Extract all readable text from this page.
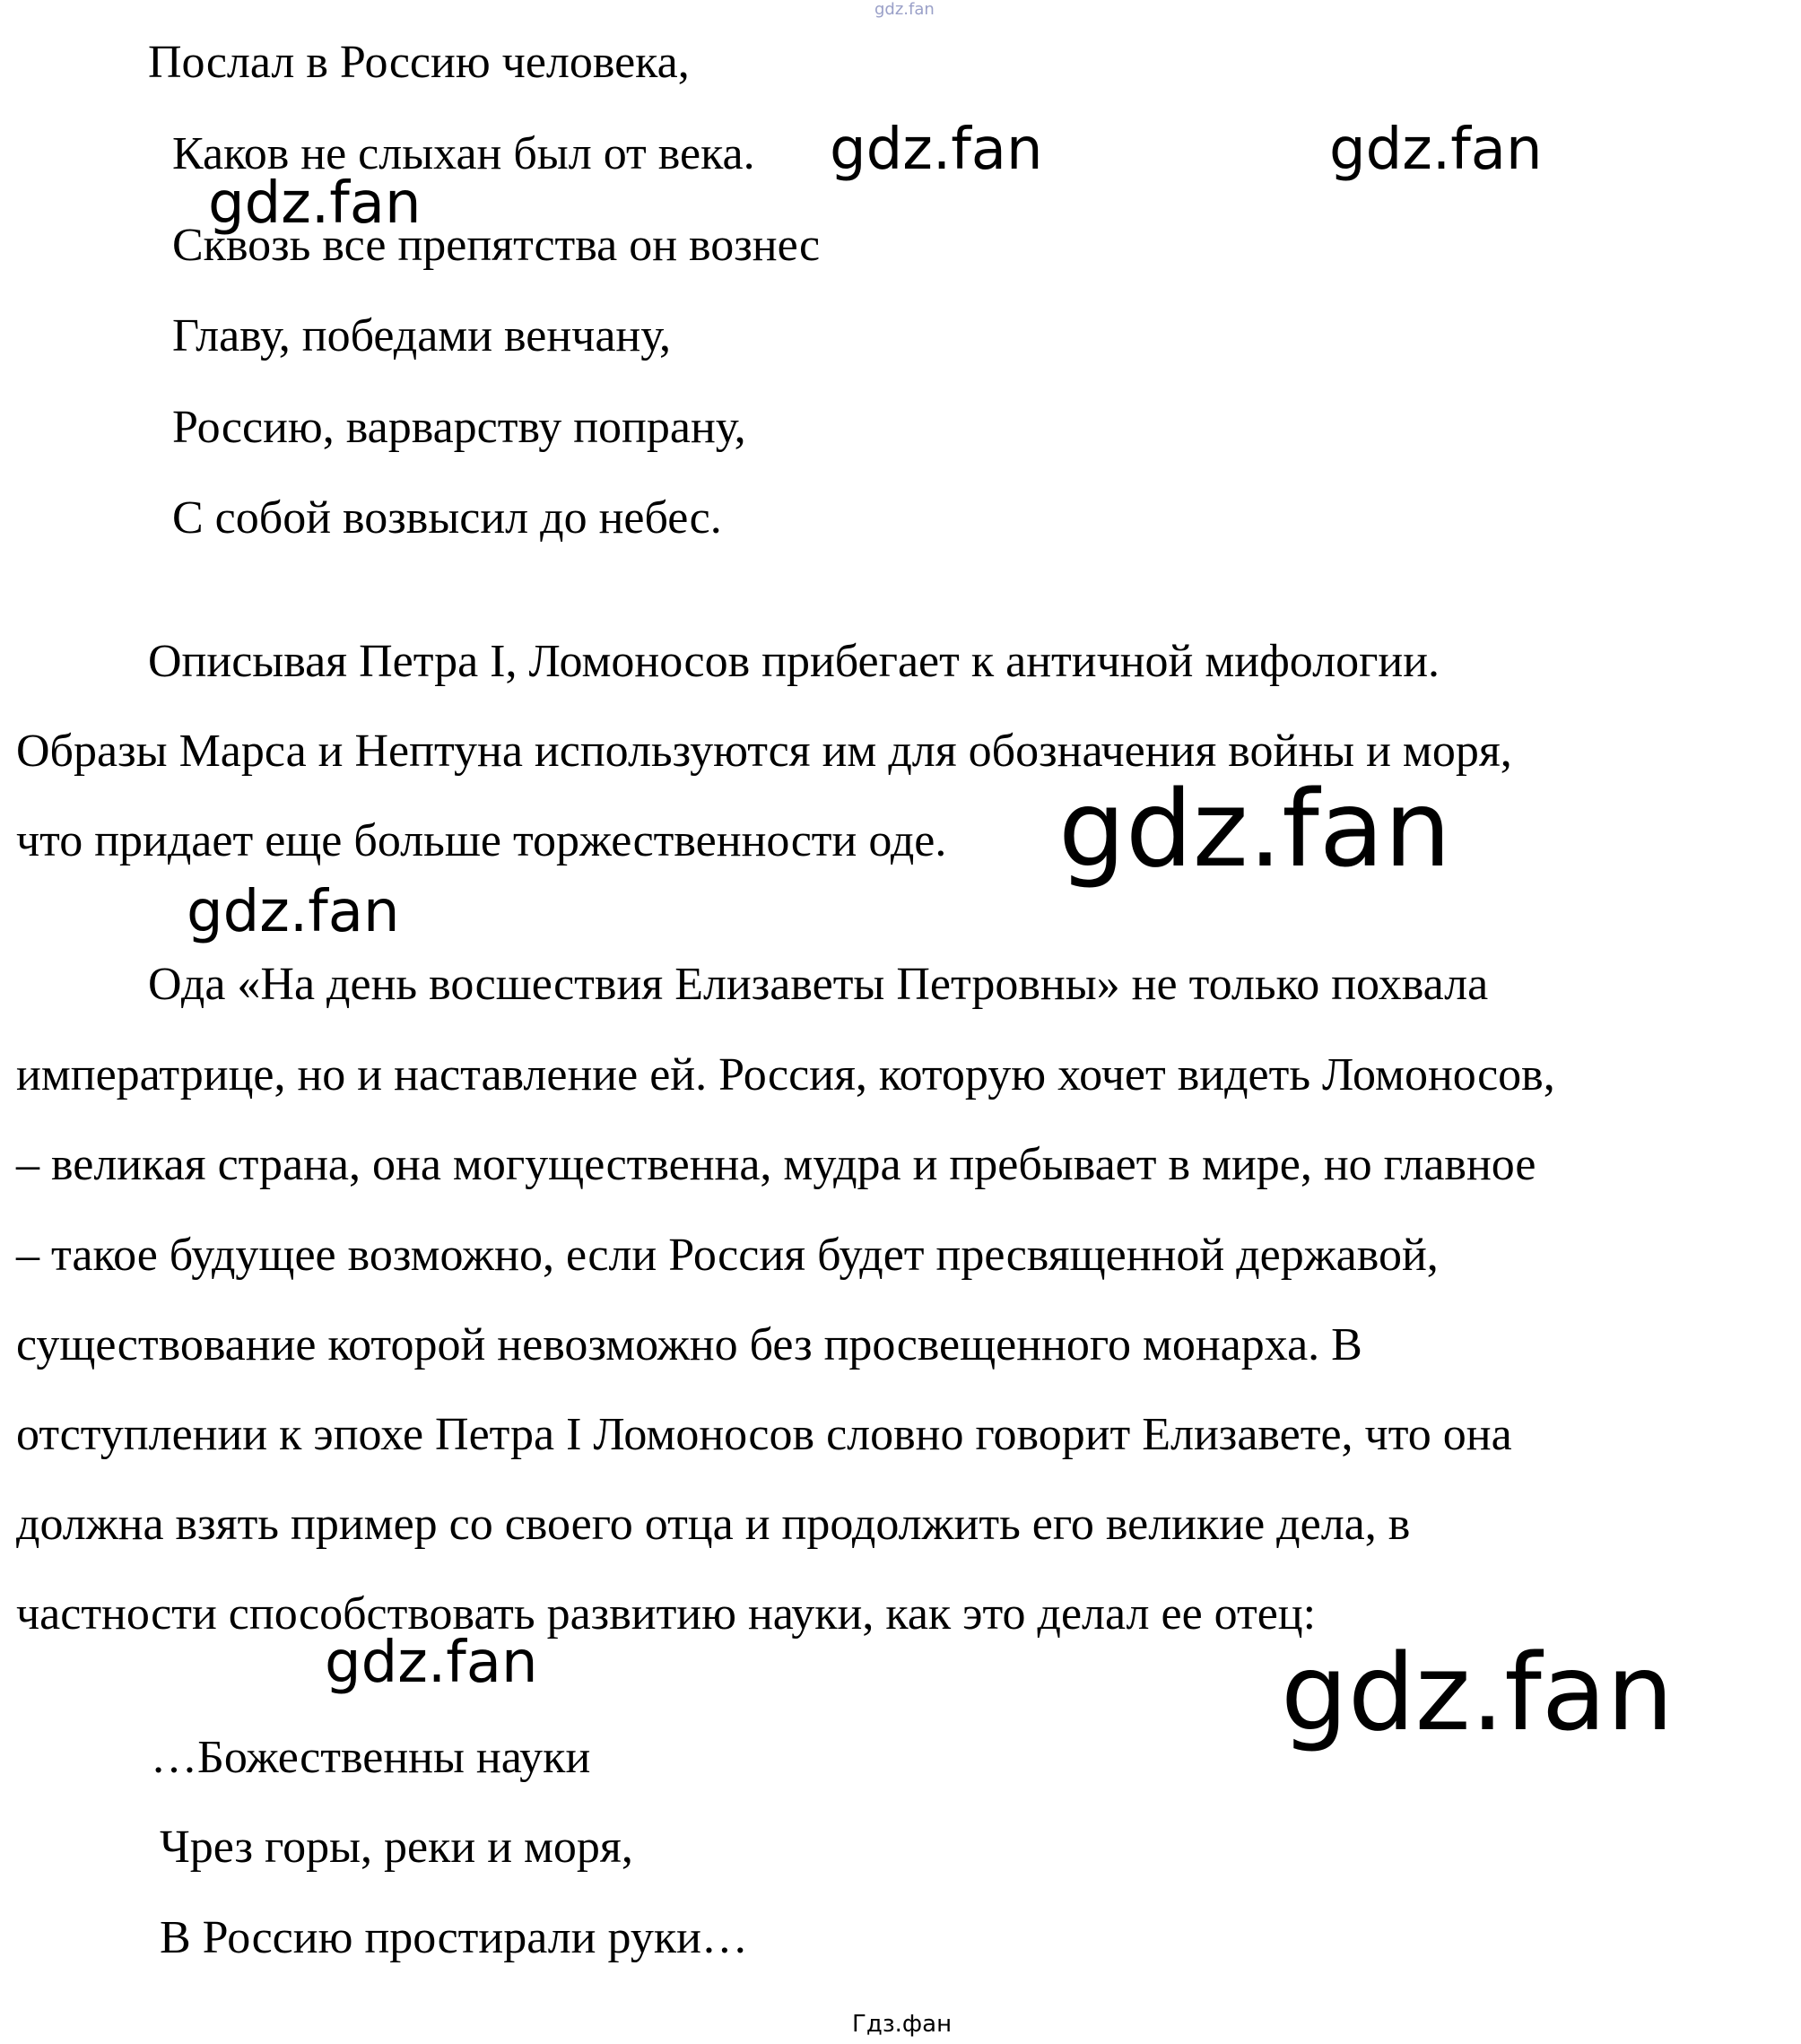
gdz.fan
Послал в Россию человека,
Каков не слыхан был от века.
Сквозь все препятства он вознес
Главу, победами венчану,
Россию, варварству попрану,
С собой возвысил до небес.
Описывая Петра I, Ломоносов прибегает к античной мифологии.
Образы Марса и Нептуна используются им для обозначения войны и моря,
что придает еще больше торжественности оде.
Ода «На день восшествия Елизаветы Петровны» не только похвала
императрице, но и наставление ей. Россия, которую хочет видеть Ломоносов,
– великая страна, она могущественна, мудра и пребывает в мире, но главное
– такое будущее возможно, если Россия будет пресвященной державой,
существование которой невозможно без просвещенного монарха. В
отступлении к эпохе Петра I Ломоносов словно говорит Елизавете, что она
должна взять пример со своего отца и продолжить его великие дела, в
частности способствовать развитию науки, как это делал ее отец:
…Божественны науки
Чрез горы, реки и моря,
В Россию простирали руки…
gdz.fan	gdz.fan
gdz.fan
gdz.fan
gdz.fan
gdz.fan	gdz.fan
Гдз.фан
